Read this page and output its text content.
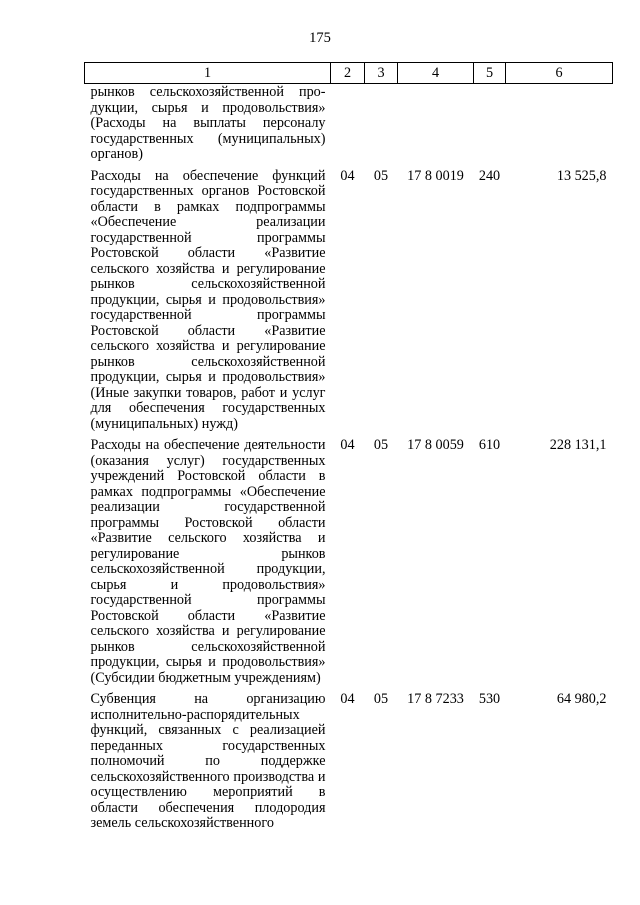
175
1	2	3	4	5	6
рынков сельскохозяйственной про-дукции, сырья и продовольствия» (Расходы на выплаты персоналу государственных (муниципальных) органов)					
Расходы на обеспечение функций государственных органов Ростовской области в рамках подпрограммы «Обеспечение реализации государственной программы Ростовской области «Развитие сельского хозяйства и регулирование рынков сельскохозяйственной продукции, сырья и продовольствия» государственной программы Ростовской области «Развитие сельского хозяйства и регулирование рынков сельскохозяйственной продукции, сырья и продовольствия» (Иные закупки товаров, работ и услуг для обеспечения государственных (муниципальных) нужд)	04	05	17 8 0019	240	13 525,8
Расходы на обеспечение деятельности (оказания услуг) государственных учреждений Ростовской области в рамках подпрограммы «Обеспечение реализации государственной программы Ростовской области «Развитие сельского хозяйства и регулирование рынков сельскохозяйственной продукции, сырья и продовольствия» государственной программы Ростовской области «Развитие сельского хозяйства и регулирование рынков сельскохозяйственной продукции, сырья и продовольствия» (Субсидии бюджетным учреждениям)	04	05	17 8 0059	610	228 131,1
Субвенция на организацию исполнительно-распорядительных функций, связанных с реализацией переданных государственных полномочий по поддержке сельскохозяйственного производства и осуществлению мероприятий в области обеспечения плодородия земель сельскохозяйственного	04	05	17 8 7233	530	64 980,2
